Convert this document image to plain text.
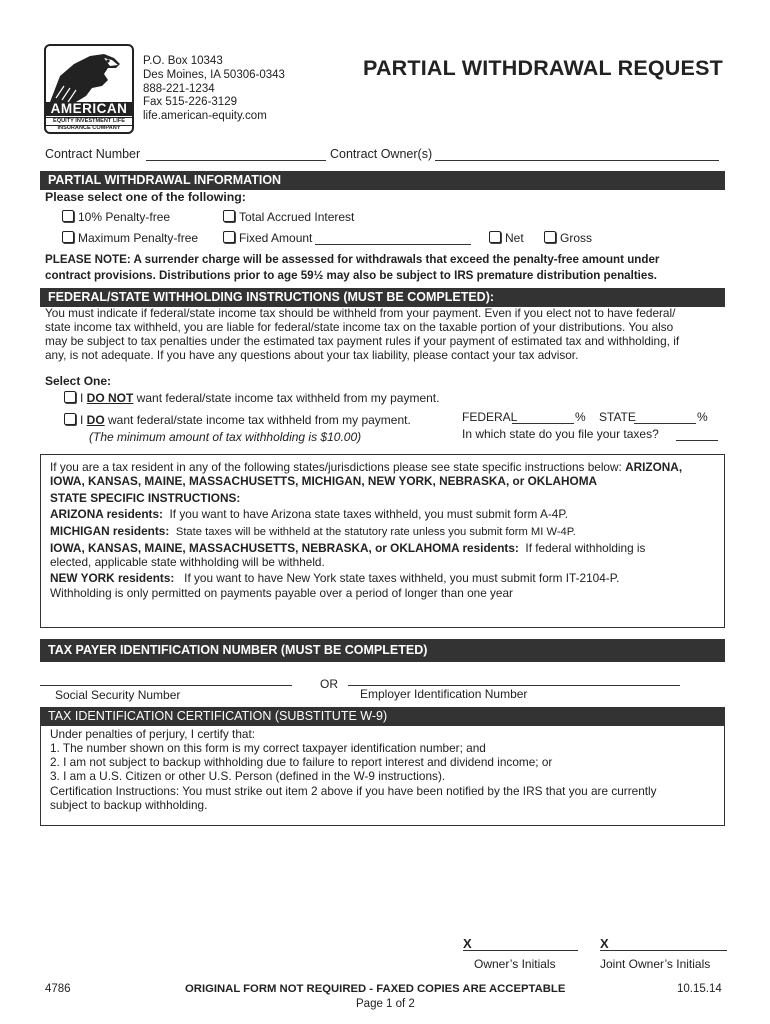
AMERICAN
EQUITY INVESTMENT LIFE
INSURANCE COMPANY
P.O. Box 10343
Des Moines, IA 50306-0343
888-221-1234
Fax 515-226-3129
life.american-equity.com
PARTIAL WITHDRAWAL REQUEST
Contract Number	Contract Owner(s)
PARTIAL WITHDRAWAL INFORMATION
Please select one of the following:
10% Penalty-free	Total Accrued Interest
Maximum Penalty-free	Fixed Amount	Net	Gross
PLEASE NOTE: A surrender charge will be assessed for withdrawals that exceed the penalty-free amount under
contract provisions. Distributions prior to age 59½ may also be subject to IRS premature distribution penalties.
FEDERAL/STATE WITHHOLDING INSTRUCTIONS (MUST BE COMPLETED):
You must indicate if federal/state income tax should be withheld from your payment. Even if you elect not to have federal/
state income tax withheld, you are liable for federal/state income tax on the taxable portion of your distributions. You also
may be subject to tax penalties under the estimated tax payment rules if your payment of estimated tax and withholding, if
any, is not adequate. If you have any questions about your tax liability, please contact your tax advisor.
Select One:
I DO NOT want federal/state income tax withheld from my payment.
I DO want federal/state income tax withheld from my payment.
(The minimum amount of tax withholding is $10.00)
FEDERAL	% STATE	%
In which state do you file your taxes?
If you are a tax resident in any of the following states/jurisdictions please see state specific instructions below: ARIZONA,
IOWA, KANSAS, MAINE, MASSACHUSETTS, MICHIGAN, NEW YORK, NEBRASKA, or OKLAHOMA
STATE SPECIFIC INSTRUCTIONS:
ARIZONA residents: If you want to have Arizona state taxes withheld, you must submit form A-4P.
MICHIGAN residents: State taxes will be withheld at the statutory rate unless you submit form MI W-4P.
IOWA, KANSAS, MAINE, MASSACHUSETTS, NEBRASKA, or OKLAHOMA residents: If federal withholding is
elected, applicable state withholding will be withheld.
NEW YORK residents: If you want to have New York state taxes withheld, you must submit form IT-2104-P.
Withholding is only permitted on payments payable over a period of longer than one year
TAX PAYER IDENTIFICATION NUMBER (MUST BE COMPLETED)
Social Security Number
OR
Employer Identification Number
TAX IDENTIFICATION CERTIFICATION (SUBSTITUTE W-9)
Under penalties of perjury, I certify that:
1. The number shown on this form is my correct taxpayer identification number; and
2. I am not subject to backup withholding due to failure to report interest and dividend income; or
3. I am a U.S. Citizen or other U.S. Person (defined in the W-9 instructions).
Certification Instructions: You must strike out item 2 above if you have been notified by the IRS that you are currently
subject to backup withholding.
X
Owner’s Initials
X
Joint Owner’s Initials
4786	ORIGINAL FORM NOT REQUIRED - FAXED COPIES ARE ACCEPTABLE	10.15.14
Page 1 of 2
